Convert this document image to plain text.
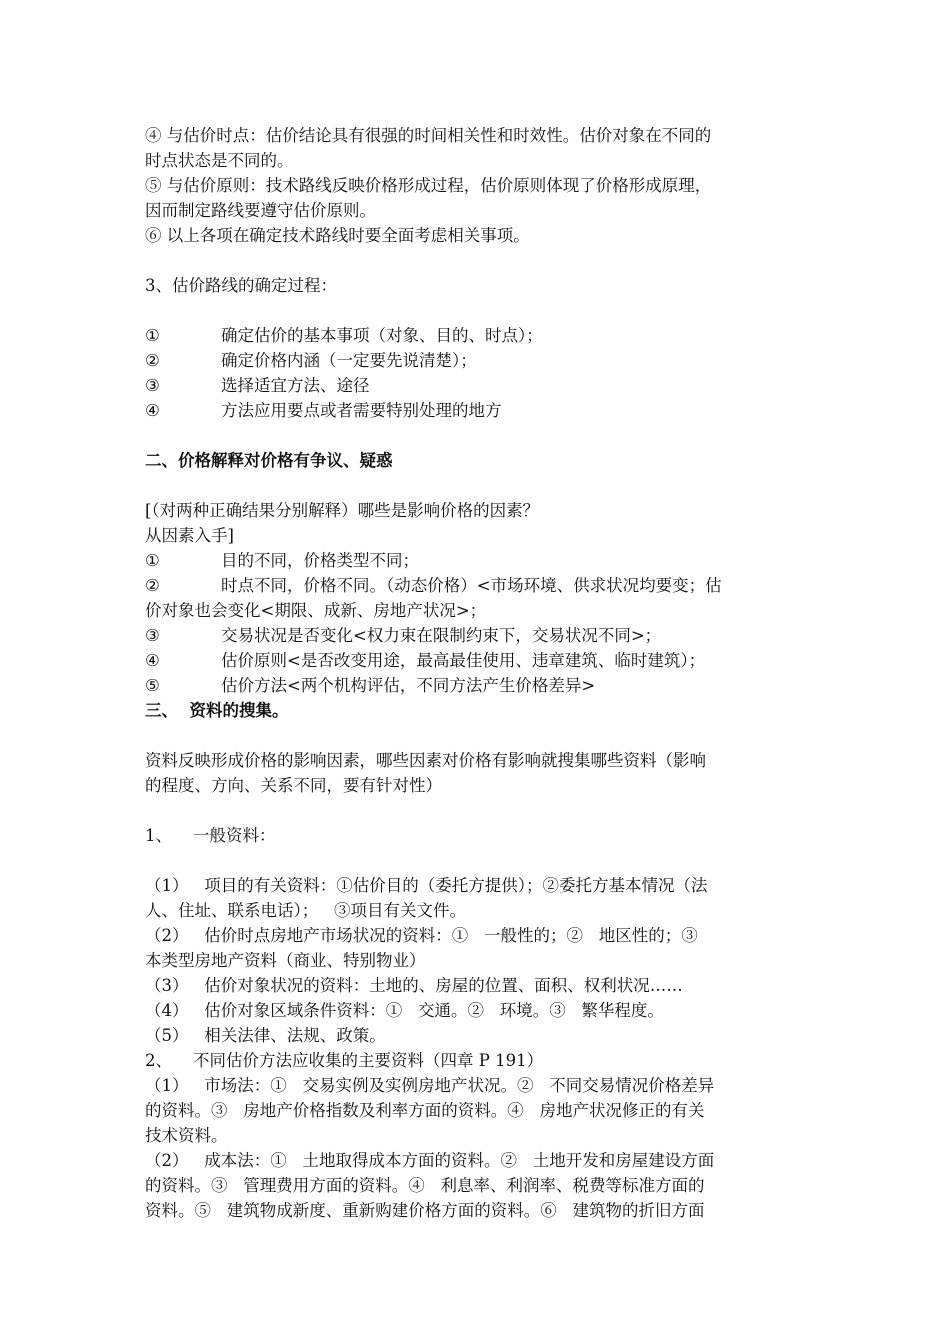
④ 与估价时点：估价结论具有很强的时间相关性和时效性。估价对象在不同的
时点状态是不同的。
⑤ 与估价原则：技术路线反映价格形成过程，估价原则体现了价格形成原理，
因而制定路线要遵守估价原则。
⑥ 以上各项在确定技术路线时要全面考虑相关事项。
3、估价路线的确定过程：
①	确定估价的基本事项（对象、目的、时点）；
②	确定价格内涵（一定要先说清楚）；
③	选择适宜方法、途径
④	方法应用要点或者需要特别处理的地方
二、价格解释对价格有争议、疑惑
[（对两种正确结果分别解释）哪些是影响价格的因素？
从因素入手]
①	目的不同，价格类型不同；
②	时点不同，价格不同。（动态价格）<市场环境、供求状况均要变；估
价对象也会变化<期限、成新、房地产状况>；
③	交易状况是否变化<权力束在限制约束下，交易状况不同>；
④	估价原则<是否改变用途，最高最佳使用、违章建筑、临时建筑）；
⑤	估价方法<两个机构评估，不同方法产生价格差异>
三、  资料的搜集。
资料反映形成价格的影响因素，哪些因素对价格有影响就搜集哪些资料（影响
的程度、方向、关系不同，要有针对性）
1、    一般资料：
（1）   项目的有关资料：①估价目的（委托方提供）；②委托方基本情况（法
人、住址、联系电话）；   ③项目有关文件。
（2）   估价时点房地产市场状况的资料：①   一般性的；②   地区性的；③
本类型房地产资料（商业、特别物业）
（3）   估价对象状况的资料：土地的、房屋的位置、面积、权利状况……
（4）   估价对象区域条件资料：①   交通。②   环境。③   繁华程度。
（5）   相关法律、法规、政策。
2、    不同估价方法应收集的主要资料（四章 P 191）
（1）   市场法：①   交易实例及实例房地产状况。②   不同交易情况价格差异
的资料。③   房地产价格指数及利率方面的资料。④   房地产状况修正的有关
技术资料。
（2）   成本法：①   土地取得成本方面的资料。②   土地开发和房屋建设方面
的资料。③   管理费用方面的资料。④   利息率、利润率、税费等标准方面的
资料。⑤   建筑物成新度、重新购建价格方面的资料。⑥   建筑物的折旧方面
